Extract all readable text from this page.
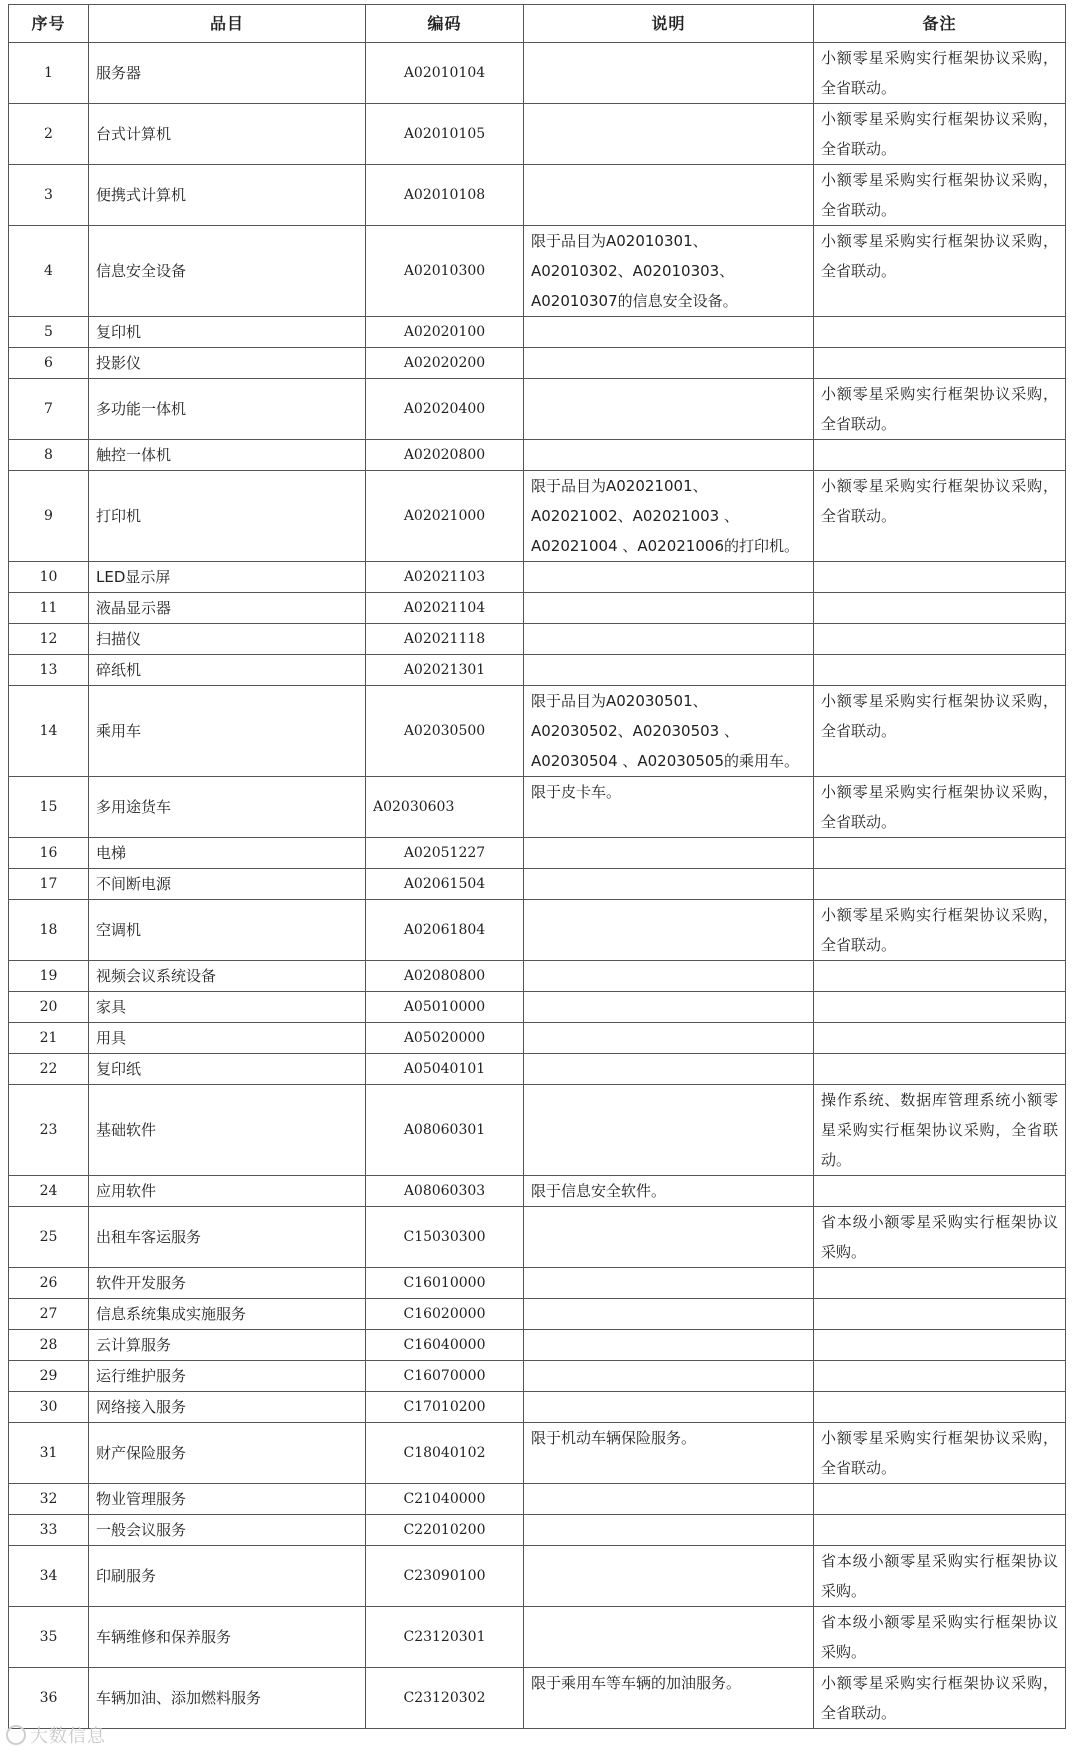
序号	品目	编码	说明	备注
1	服务器	A02010104		小额零星采购实行框架协议采购，全省联动。
2	台式计算机	A02010105		小额零星采购实行框架协议采购，全省联动。
3	便携式计算机	A02010108		小额零星采购实行框架协议采购，全省联动。
4	信息安全设备	A02010300	限于品目为A02010301、A02010302、A02010303、A02010307的信息安全设备。	小额零星采购实行框架协议采购，全省联动。
5	复印机	A02020100		
6	投影仪	A02020200		
7	多功能一体机	A02020400		小额零星采购实行框架协议采购，全省联动。
8	触控一体机	A02020800		
9	打印机	A02021000	限于品目为A02021001、A02021002、A02021003 、A02021004 、A02021006的打印机。	小额零星采购实行框架协议采购，全省联动。
10	LED显示屏	A02021103		
11	液晶显示器	A02021104		
12	扫描仪	A02021118		
13	碎纸机	A02021301		
14	乘用车	A02030500	限于品目为A02030501、A02030502、A02030503 、A02030504 、A02030505的乘用车。	小额零星采购实行框架协议采购，全省联动。
15	多用途货车	A02030603	限于皮卡车。	小额零星采购实行框架协议采购，全省联动。
16	电梯	A02051227		
17	不间断电源	A02061504		
18	空调机	A02061804		小额零星采购实行框架协议采购，全省联动。
19	视频会议系统设备	A02080800		
20	家具	A05010000		
21	用具	A05020000		
22	复印纸	A05040101		
23	基础软件	A08060301		操作系统、数据库管理系统小额零星采购实行框架协议采购，全省联动。
24	应用软件	A08060303	限于信息安全软件。	
25	出租车客运服务	C15030300		省本级小额零星采购实行框架协议采购。
26	软件开发服务	C16010000		
27	信息系统集成实施服务	C16020000		
28	云计算服务	C16040000		
29	运行维护服务	C16070000		
30	网络接入服务	C17010200		
31	财产保险服务	C18040102	限于机动车辆保险服务。	小额零星采购实行框架协议采购，全省联动。
32	物业管理服务	C21040000		
33	一般会议服务	C22010200		
34	印刷服务	C23090100		省本级小额零星采购实行框架协议采购。
35	车辆维修和保养服务	C23120301		省本级小额零星采购实行框架协议采购。
36	车辆加油、添加燃料服务	C23120302	限于乘用车等车辆的加油服务。	小额零星采购实行框架协议采购，全省联动。
大数信息
